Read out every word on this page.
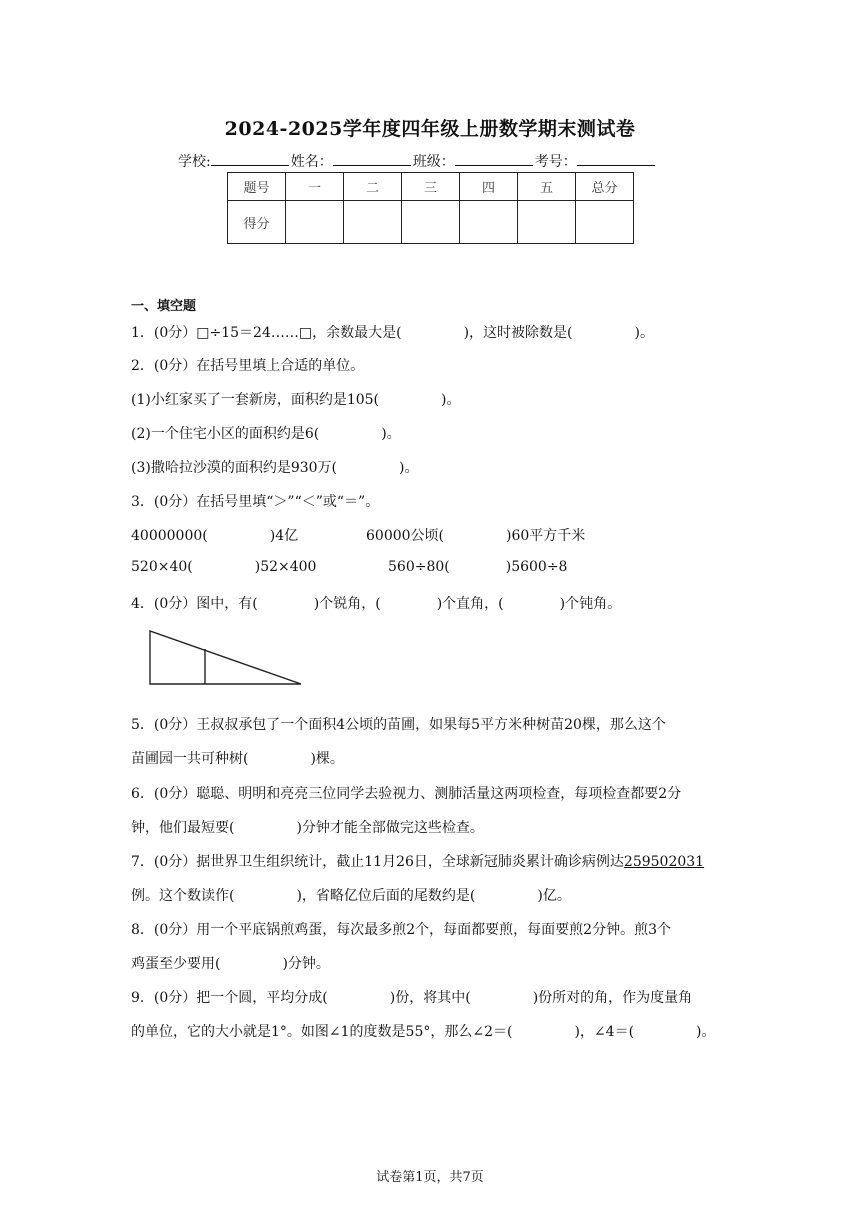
2024-2025学年度四年级上册数学期末测试卷
学校:	姓名：	班级：	考号：
题号	一	二	三	四	五	总分
得分						
一、填空题
1．(0分）□÷15＝24……□，余数最大是(	)，这时被除数是(	)。
2．(0分）在括号里填上合适的单位。
(1)小红家买了一套新房，面积约是105(	)。
(2)一个住宅小区的面积约是6(	)。
(3)撒哈拉沙漠的面积约是930万(	)。
3．(0分）在括号里填“＞”“＜”或“＝”。
40000000(	)4亿	60000公顷(	)60平方千米
520×40(	)52×400	560÷80(	)5600÷8
4．(0分）图中，有(	)个锐角，(	)个直角，(	)个钝角。
5．(0分）王叔叔承包了一个面积4公顷的苗圃，如果每5平方米种树苗20棵，那么这个
苗圃园一共可种树(	)棵。
6．(0分）聪聪、明明和亮亮三位同学去验视力、测肺活量这两项检查，每项检查都要2分
钟，他们最短要(	)分钟才能全部做完这些检查。
7．(0分）据世界卫生组织统计，截止11月26日，全球新冠肺炎累计确诊病例达259502031
例。这个数读作(	)，省略亿位后面的尾数约是(	)亿。
8．(0分）用一个平底锅煎鸡蛋，每次最多煎2个，每面都要煎，每面要煎2分钟。煎3个
鸡蛋至少要用(	)分钟。
9．(0分）把一个圆，平均分成(	)份，将其中(	)份所对的角，作为度量角
的单位，它的大小就是1°。如图∠1的度数是55°，那么∠2＝(	)，∠4＝(	)。
试卷第1页，共7页
